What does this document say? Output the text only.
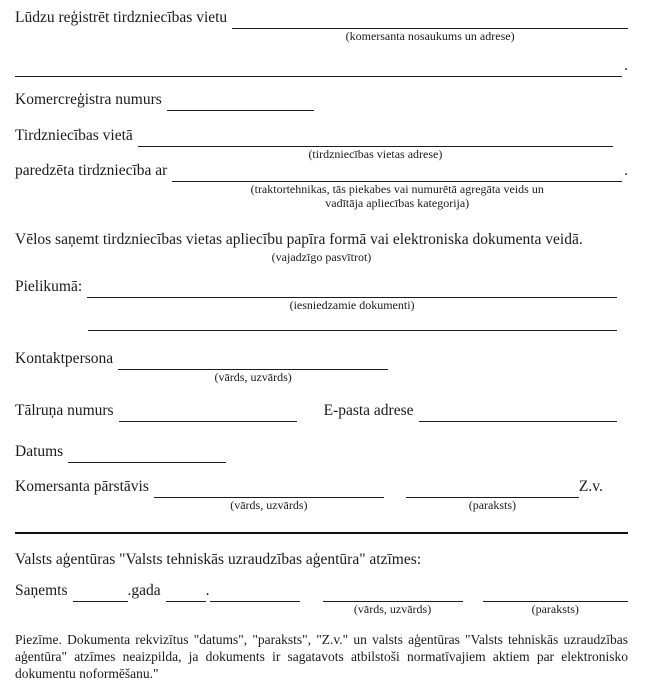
Lūdzu reģistrēt tirdzniecības vietu
(komersanta nosaukums un adrese)
.
Komercreģistra numurs
Tirdzniecības vietā
(tirdzniecības vietas adrese)
paredzēta tirdzniecība ar
(traktortehnikas, tās piekabes vai numurētā agregāta veids un
vadītāja apliecības kategorija)
.
Vēlos saņemt tirdzniecības vietas apliecību papīra formā vai elektroniska dokumenta veidā.
(vajadzīgo pasvītrot)
Pielikumā:
(iesniedzamie dokumenti)
Kontaktpersona
(vārds, uzvārds)
Tālruņa numurs	E-pasta adrese
Datums
Komersanta pārstāvis
(vārds, uzvārds)	(paraksts)
Z.v.
Valsts aģentūras "Valsts tehniskās uzraudzības aģentūra" atzīmes:
Saņemts	.gada	.
(vārds, uzvārds)	(paraksts)
Piezīme. Dokumenta rekvizītus "datums", "paraksts", "Z.v." un valsts aģentūras "Valsts tehniskās uzraudzības aģentūra" atzīmes neaizpilda, ja dokuments ir sagatavots atbilstoši normatīvajiem aktiem par elektronisko dokumentu noformēšanu."
